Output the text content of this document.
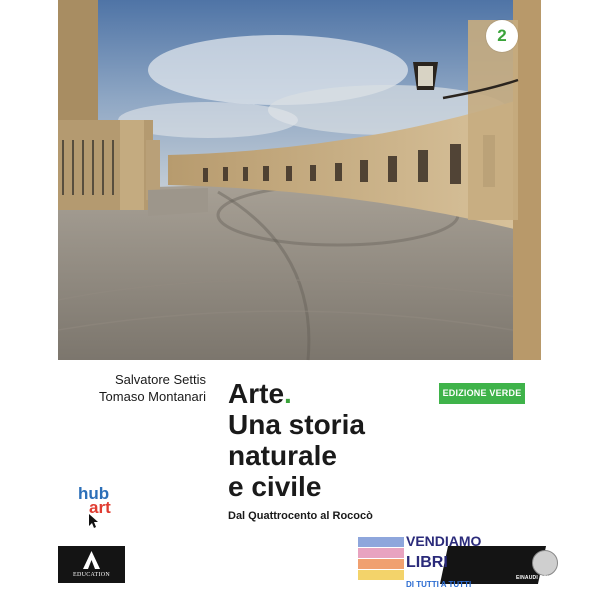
2
Salvatore Settis
Tomaso Montanari Arte.
Una storia
naturale
e civile
Dal Quattrocento al Rococò
EDIZIONE VERDE
hub
art
EDUCATION	EINAUDI SCUOLA
VENDIAMO
LIBRI
DI TUTTI A TUTTI
